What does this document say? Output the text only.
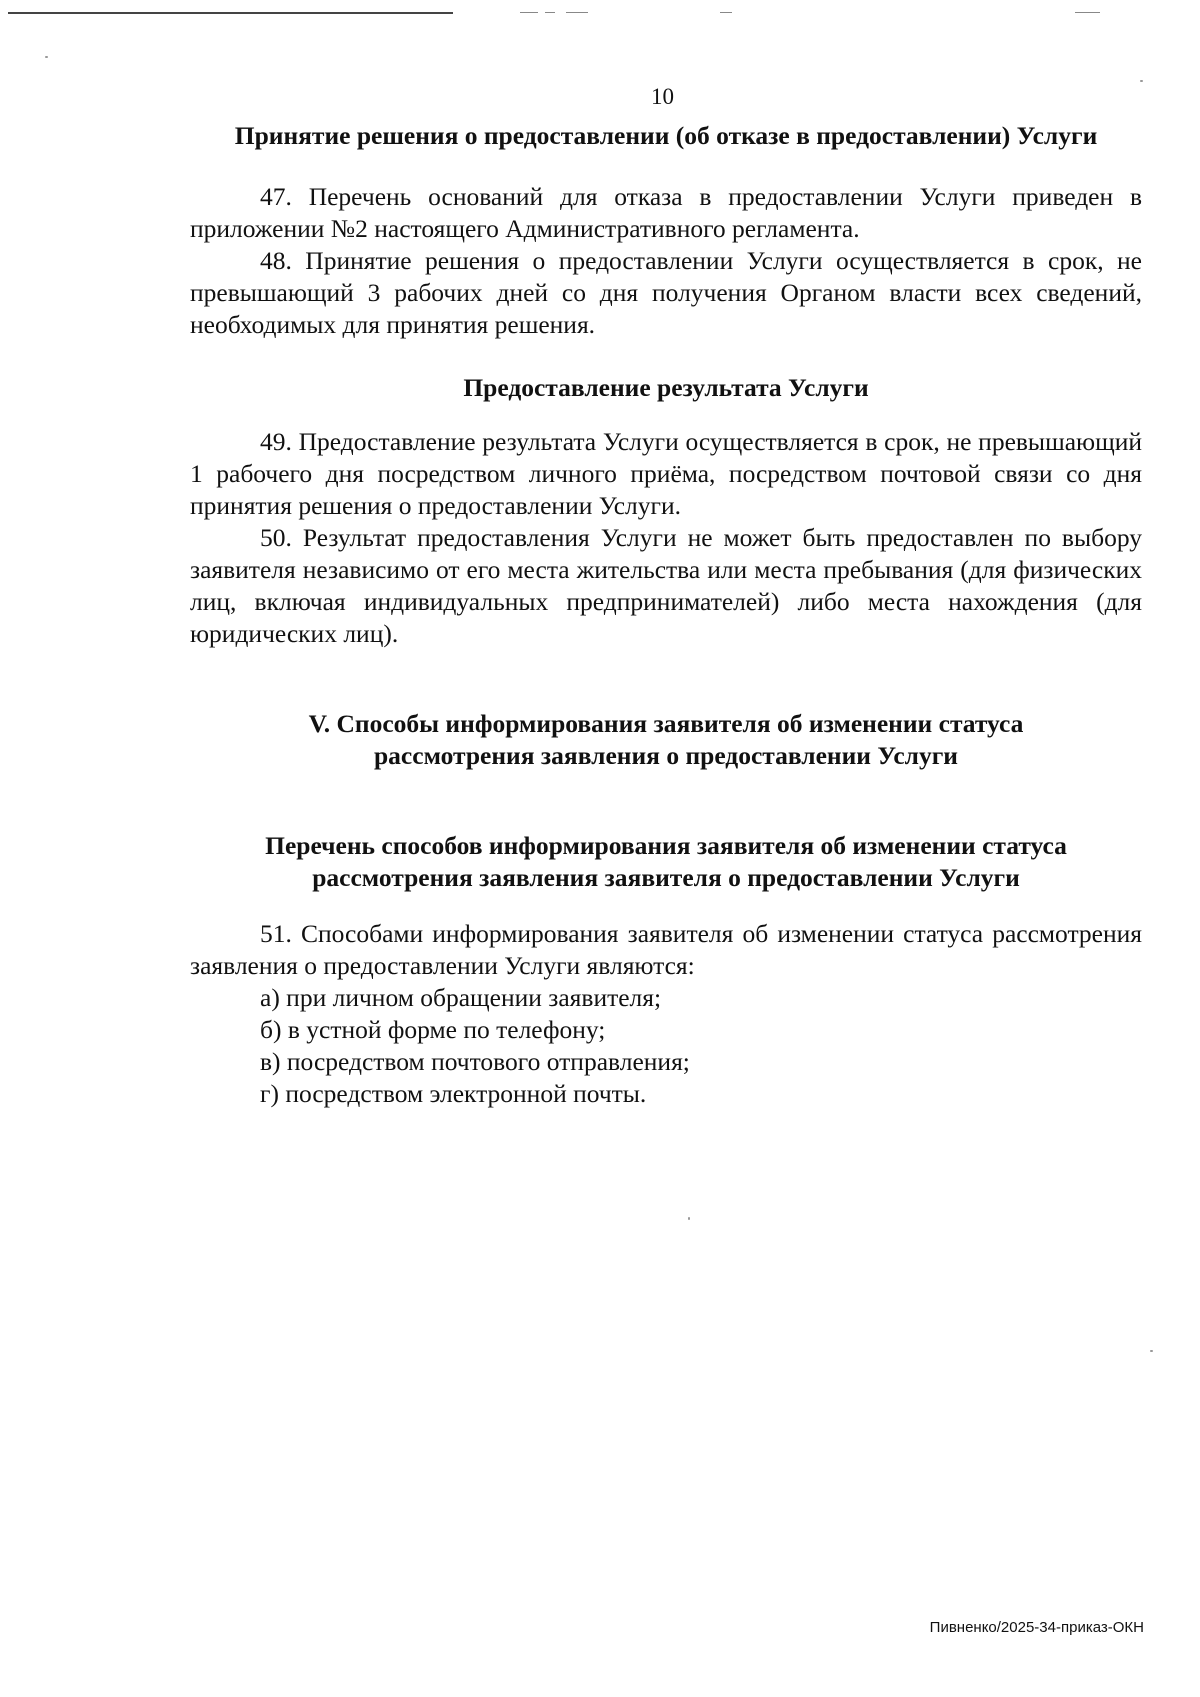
10

Принятие решения о предоставлении (об отказе в предоставлении) Услуги

47. Перечень оснований для отказа в предоставлении Услуги приведен в приложении №2 настоящего Административного регламента.

48. Принятие решения о предоставлении Услуги осуществляется в срок, не превышающий 3 рабочих дней со дня получения Органом власти всех сведений, необходимых для принятия решения.

Предоставление результата Услуги

49. Предоставление результата Услуги осуществляется в срок, не превышающий 1 рабочего дня посредством личного приёма, посредством почтовой связи со дня принятия решения о предоставлении Услуги.

50. Результат предоставления Услуги не может быть предоставлен по выбору заявителя независимо от его места жительства или места пребывания (для физических лиц, включая индивидуальных предпринимателей) либо места нахождения (для юридических лиц).

V. Способы информирования заявителя об изменении статуса рассмотрения заявления о предоставлении Услуги

Перечень способов информирования заявителя об изменении статуса рассмотрения заявления заявителя о предоставлении Услуги

51. Способами информирования заявителя об изменении статуса рассмотрения заявления о предоставлении Услуги являются:

а) при личном обращении заявителя;

б) в устной форме по телефону;

в) посредством почтового отправления;

г) посредством электронной почты.

Пивненко/2025-34-приказ-ОКН
